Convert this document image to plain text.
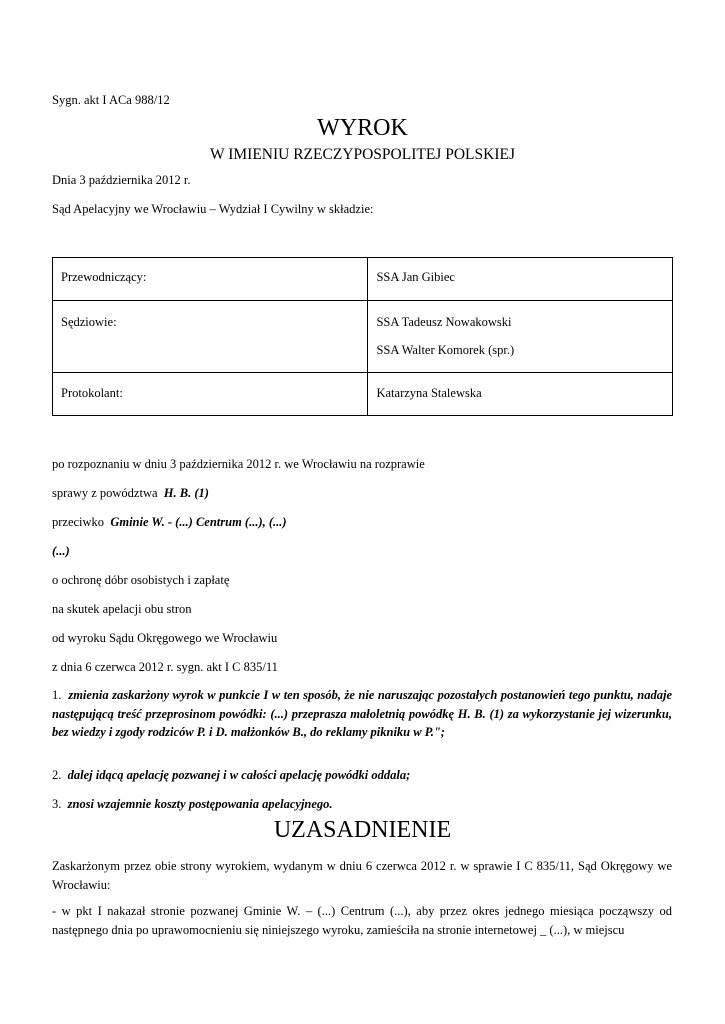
Sygn. akt I ACa 988/12
WYROK
W IMIENIU RZECZYPOSPOLITEJ POLSKIEJ
Dnia 3 października 2012 r.
Sąd Apelacyjny we Wrocławiu – Wydział I Cywilny w składzie:
Przewodniczący:	SSA Jan Gibiec

Sędziowie:	SSA Tadeusz Nowakowski
SSA Walter Komorek (spr.)

Protokolant:	Katarzyna Stalewska
po rozpoznaniu w dniu 3 października 2012 r. we Wrocławiu na rozprawie
sprawy z powództwa H. B. (1)
przeciwko Gminie W. - (...) Centrum (...), (...)
(...)
o ochronę dóbr osobistych i zapłatę
na skutek apelacji obu stron
od wyroku Sądu Okręgowego we Wrocławiu
z dnia 6 czerwca 2012 r. sygn. akt I C 835/11
1. zmienia zaskarżony wyrok w punkcie I w ten sposób, że nie naruszając pozostałych postanowień tego punktu, nadaje następującą treść przeprosinom powódki: (...) przeprasza małoletnią powódkę H. B. (1) za wykorzystanie jej wizerunku, bez wiedzy i zgody rodziców P. i D. małżonków B., do reklamy pikniku w P.";
2. dalej idącą apelację pozwanej i w całości apelację powódki oddala;
3. znosi wzajemnie koszty postępowania apelacyjnego.
UZASADNIENIE
Zaskarżonym przez obie strony wyrokiem, wydanym w dniu 6 czerwca 2012 r. w sprawie I C 835/11, Sąd Okręgowy we Wrocławiu:
- w pkt I nakazał stronie pozwanej Gminie W. – (...) Centrum (...), aby przez okres jednego miesiąca począwszy od następnego dnia po uprawomocnieniu się niniejszego wyroku, zamieściła na stronie internetowej _ (...), w miejscu
